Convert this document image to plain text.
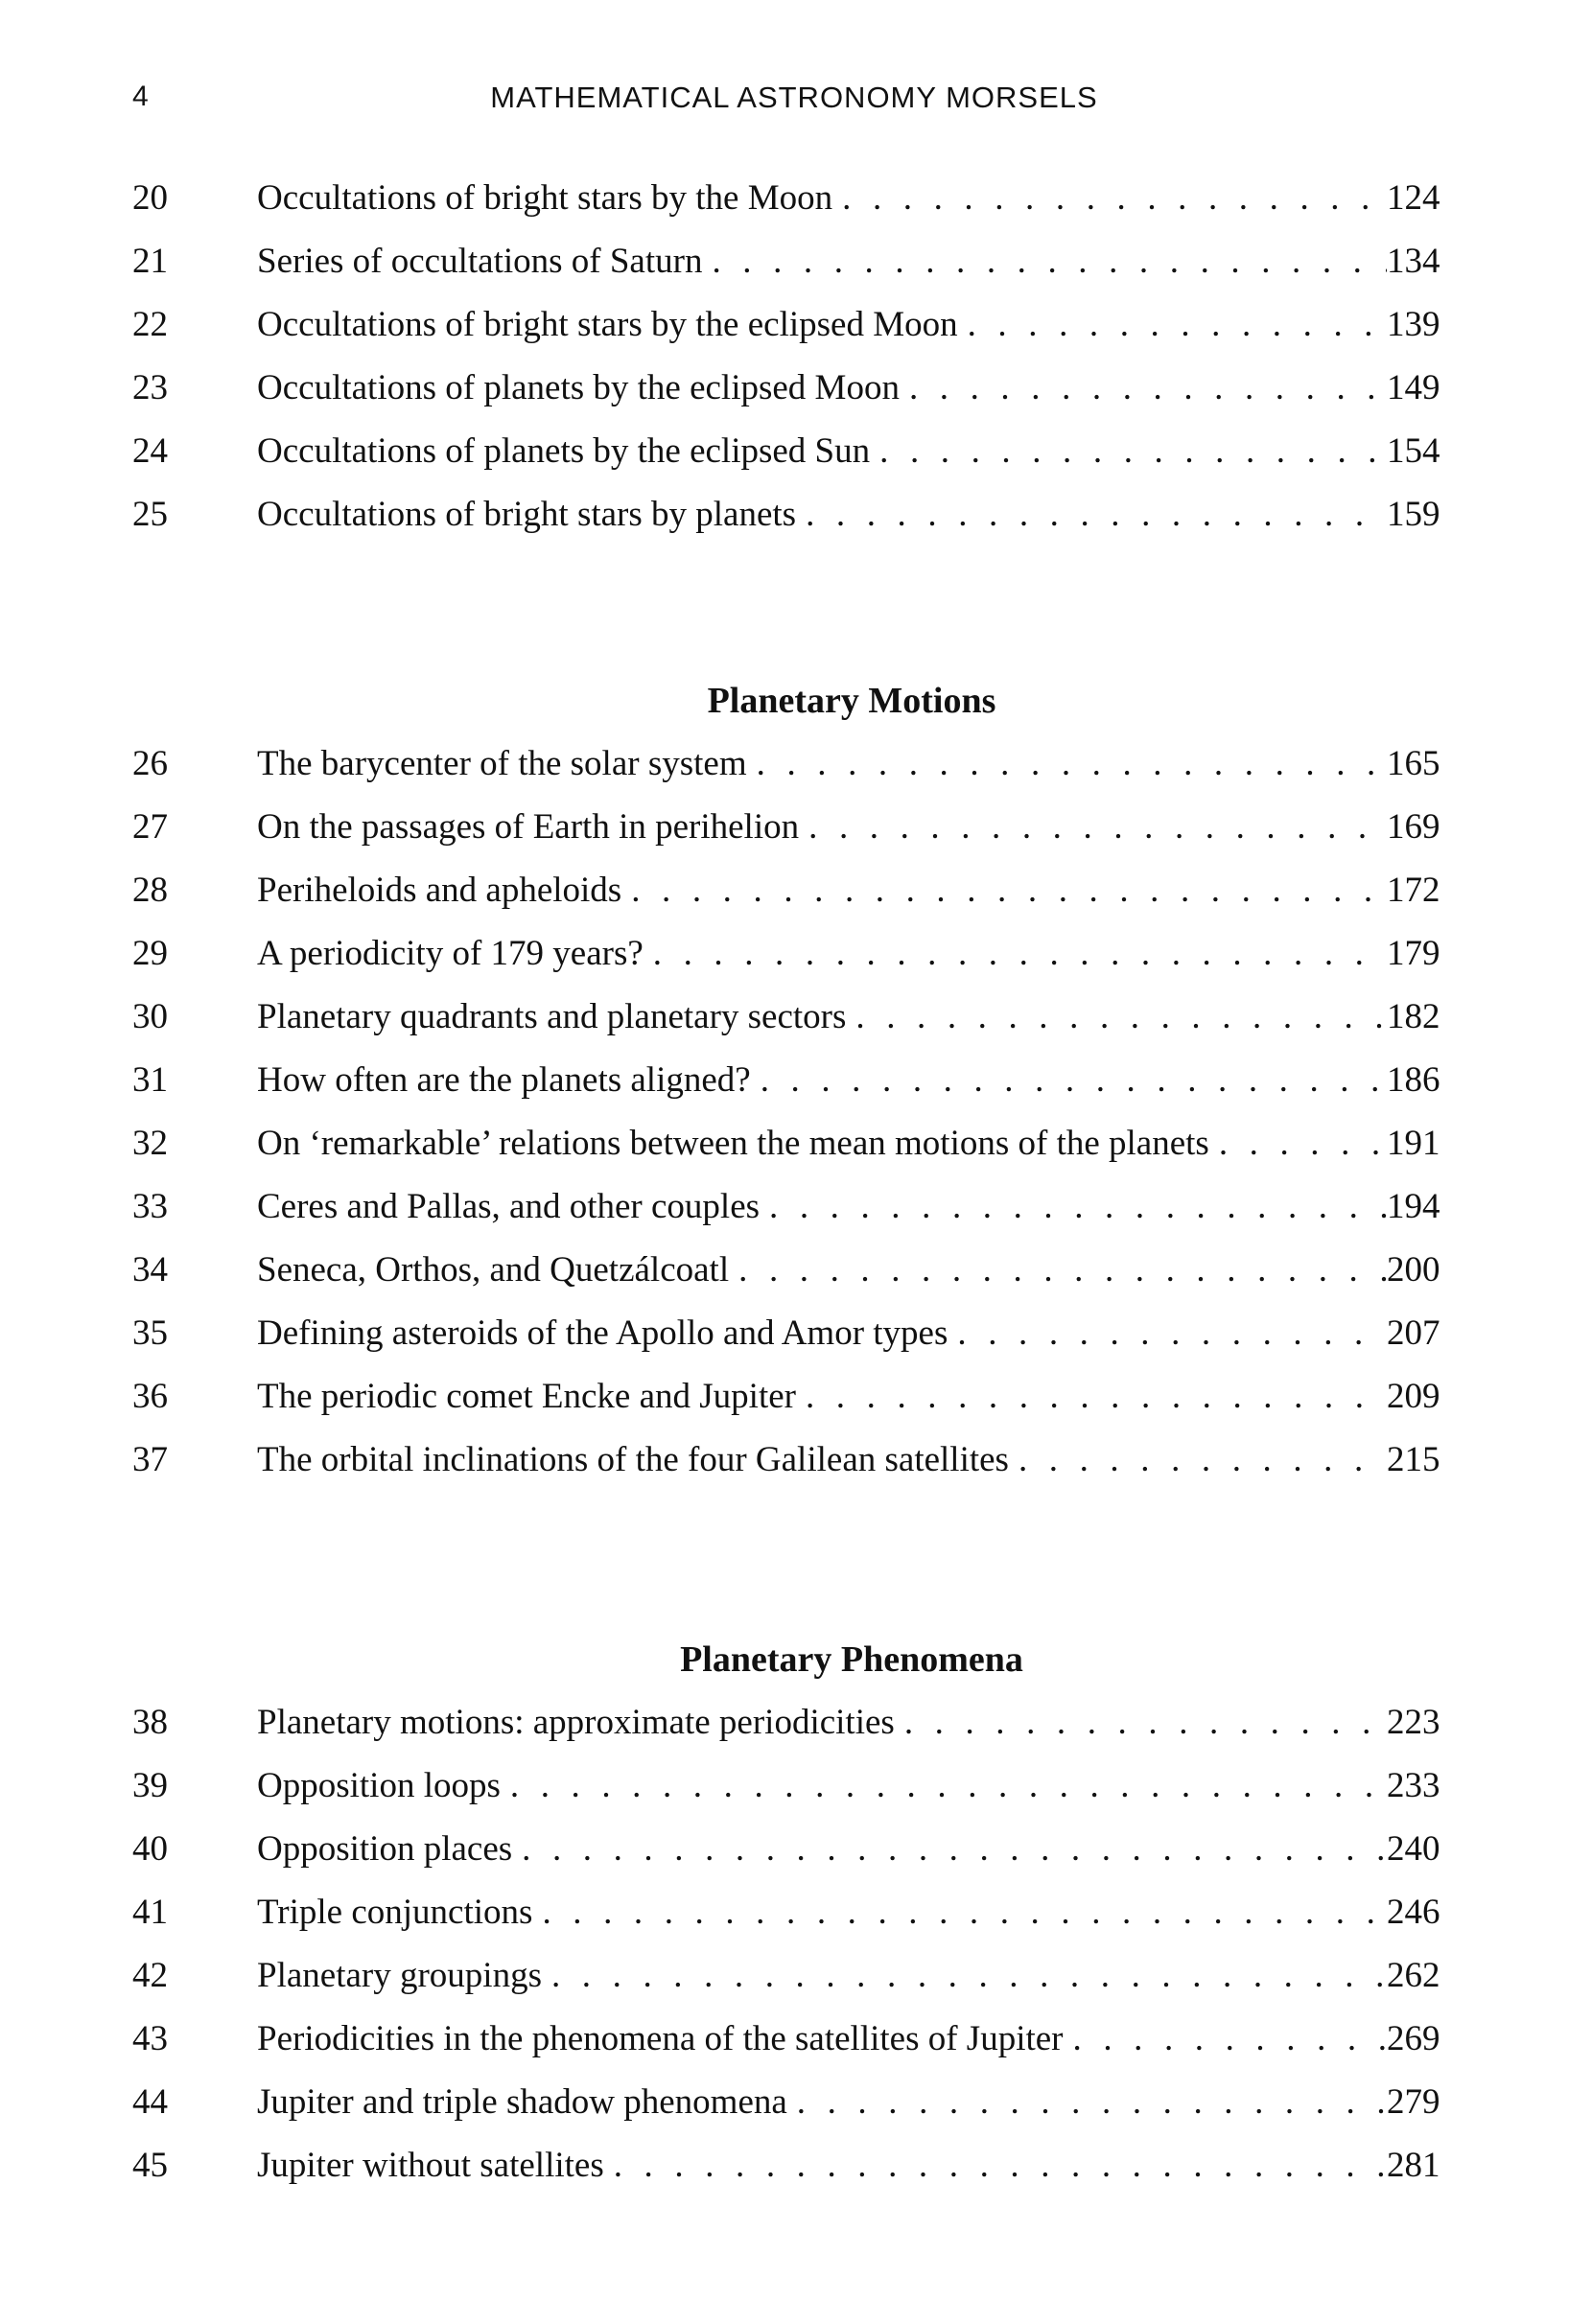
4	MATHEMATICAL ASTRONOMY MORSELS
20	Occultations of bright stars by the Moon . . .	124
21	Series of occultations of Saturn . . .	134
22	Occultations of bright stars by the eclipsed Moon . . .	139
23	Occultations of planets by the eclipsed Moon . . .	149
24	Occultations of planets by the eclipsed Sun . . .	154
25	Occultations of bright stars by planets . . .	159
Planetary Motions
26	The barycenter of the solar system . . .	165
27	On the passages of Earth in perihelion . . .	169
28	Periheloids and apheloids . . .	172
29	A periodicity of 179 years? . . .	179
30	Planetary quadrants and planetary sectors . . .	182
31	How often are the planets aligned? . . .	186
32	On ‘remarkable’ relations between the mean motions of the planets . . .	191
33	Ceres and Pallas, and other couples . . .	194
34	Seneca, Orthos, and Quetzálcoatl . . .	200
35	Defining asteroids of the Apollo and Amor types . . .	207
36	The periodic comet Encke and Jupiter . . .	209
37	The orbital inclinations of the four Galilean satellites . . .	215
Planetary Phenomena
38	Planetary motions: approximate periodicities . . .	223
39	Opposition loops . . .	233
40	Opposition places . . .	240
41	Triple conjunctions . . .	246
42	Planetary groupings . . .	262
43	Periodicities in the phenomena of the satellites of Jupiter . . .	269
44	Jupiter and triple shadow phenomena . . .	279
45	Jupiter without satellites . . .	281
